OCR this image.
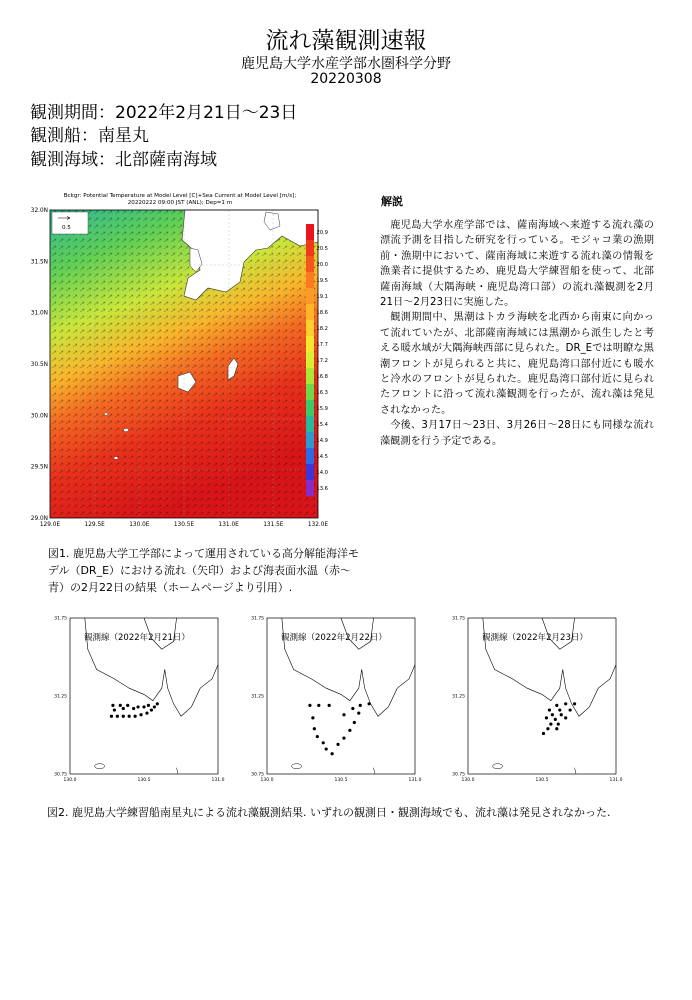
流れ藻観測速報
鹿児島大学水産学部水圏科学分野
20220308
観測期間：2022年2月21日～23日
観測船：南星丸
観測海域：北部薩南海域
Bckgr: Potential Temperature at Model Level [C]+Sea Current at Model Level [m/s];
20220222 09:00 JST (ANL); Dep=1 m
0.5
32.0N
31.5N
31.0N
30.5N
30.0N
29.5N
29.0N
129.0E	129.5E	130.0E	130.5E	131.0E	131.5E	132.0E
20.9
20.5
20.0
19.5
19.1
18.6
18.2
17.7
17.2
16.8
16.3
15.9
15.4
14.9
14.5
14.0
13.6
解説

鹿児島大学水産学部では、薩南海域へ来遊する流れ藻の漂流予測を目指した研究を行っている。モジャコ業の漁期前・漁期中において、薩南海域に来遊する流れ藻の情報を漁業者に提供するため、鹿児島大学練習船を使って、北部薩南海域（大隅海峡・鹿児島湾口部）の流れ藻観測を2月21日～2月23日に実施した。

観測期間中、黒潮はトカラ海峡を北西から南東に向かって流れていたが、北部薩南海域には黒潮から派生したと考える暖水域が大隅海峡西部に見られた。DR_Eでは明瞭な黒潮フロントが見られると共に、鹿児島湾口部付近にも暖水と冷水のフロントが見られた。鹿児島湾口部付近に見られたフロントに沿って流れ藻観測を行ったが、流れ藻は発見されなかった。

今後、3月17日～23日、3月26日～28日にも同様な流れ藻観測を行う予定である。

図1. 鹿児島大学工学部によって運用されている高分解能海洋モデル（DR_E）における流れ（矢印）および海表面水温（赤～青）の2月22日の結果（ホームページより引用）.
31.75
31.25
30.75
130.0	130.5	131.0
観測線（2022年2月21日）
31.75
31.25
30.75
130.0	130.5	131.0
観測線（2022年2月22日）
31.75
31.25
30.75
130.0	130.5	131.0
観測線（2022年2月23日）
図2. 鹿児島大学練習船南星丸による流れ藻観測結果. いずれの観測日・観測海域でも、流れ藻は発見されなかった.
